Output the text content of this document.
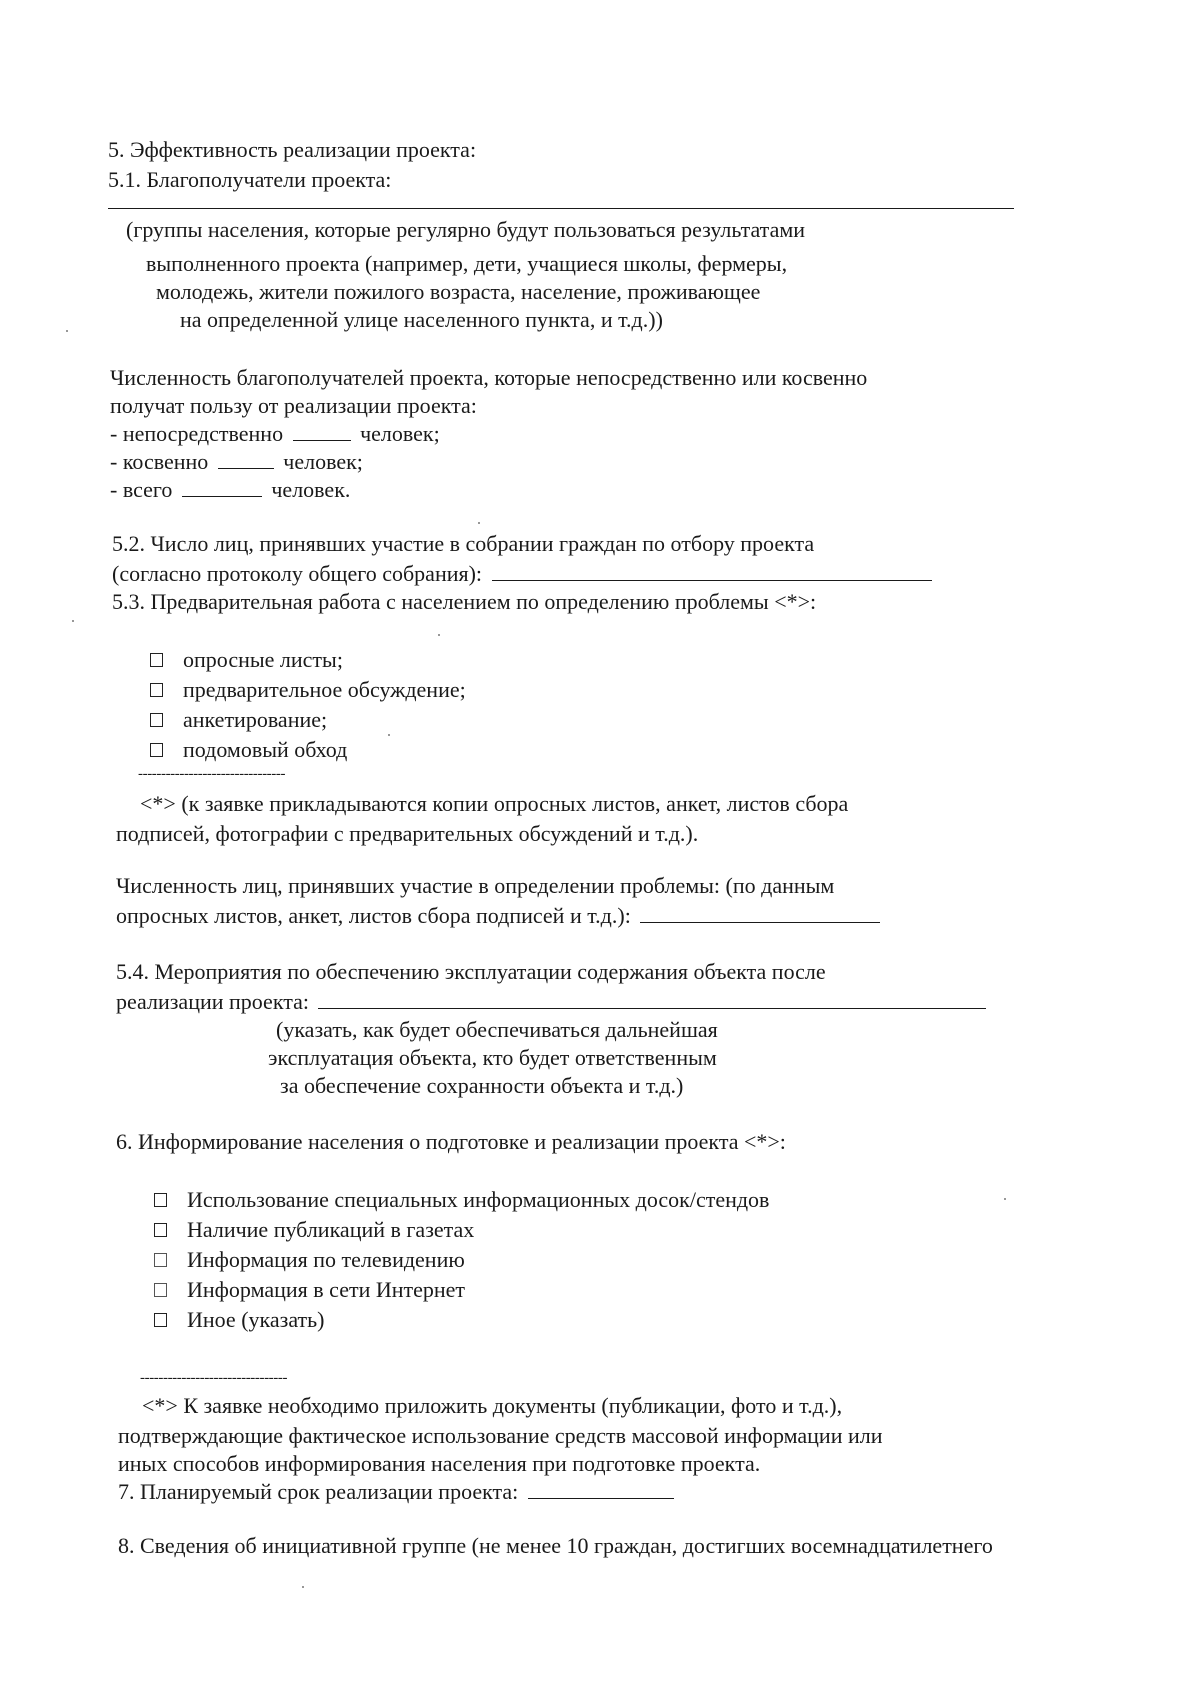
5. Эффективность реализации проекта:
5.1. Благополучатели проекта:
(группы населения, которые регулярно будут пользоваться результатами
выполненного проекта (например, дети, учащиеся школы, фермеры,
молодежь, жители пожилого возраста, население, проживающее
на определенной улице населенного пункта, и т.д.))
Численность благополучателей проекта, которые непосредственно или косвенно
получат пользу от реализации проекта:
- непосредственно	человек;
- косвенно	человек;
- всего	человек.
5.2. Число лиц, принявших участие в собрании граждан по отбору проекта
(согласно протоколу общего собрания):
5.3. Предварительная работа с населением по определению проблемы <*>:
опросные листы;
предварительное обсуждение;
анкетирование;
подомовый обход
--------------------------------
<*> (к заявке прикладываются копии опросных листов, анкет, листов сбора
подписей, фотографии с предварительных обсуждений и т.д.).
Численность лиц, принявших участие в определении проблемы: (по данным
опросных листов, анкет, листов сбора подписей и т.д.):
5.4. Мероприятия по обеспечению эксплуатации содержания объекта после
реализации проекта:
(указать, как будет обеспечиваться дальнейшая
эксплуатация объекта, кто будет ответственным
за обеспечение сохранности объекта и т.д.)
6. Информирование населения о подготовке и реализации проекта <*>:
Использование специальных информационных досок/стендов
Наличие публикаций в газетах
Информация по телевидению
Информация в сети Интернет
Иное (указать)
--------------------------------
<*> К заявке необходимо приложить документы (публикации, фото и т.д.),
подтверждающие фактическое использование средств массовой информации или
иных способов информирования населения при подготовке проекта.
7. Планируемый срок реализации проекта:
8. Сведения об инициативной группе (не менее 10 граждан, достигших восемнадцатилетнего
